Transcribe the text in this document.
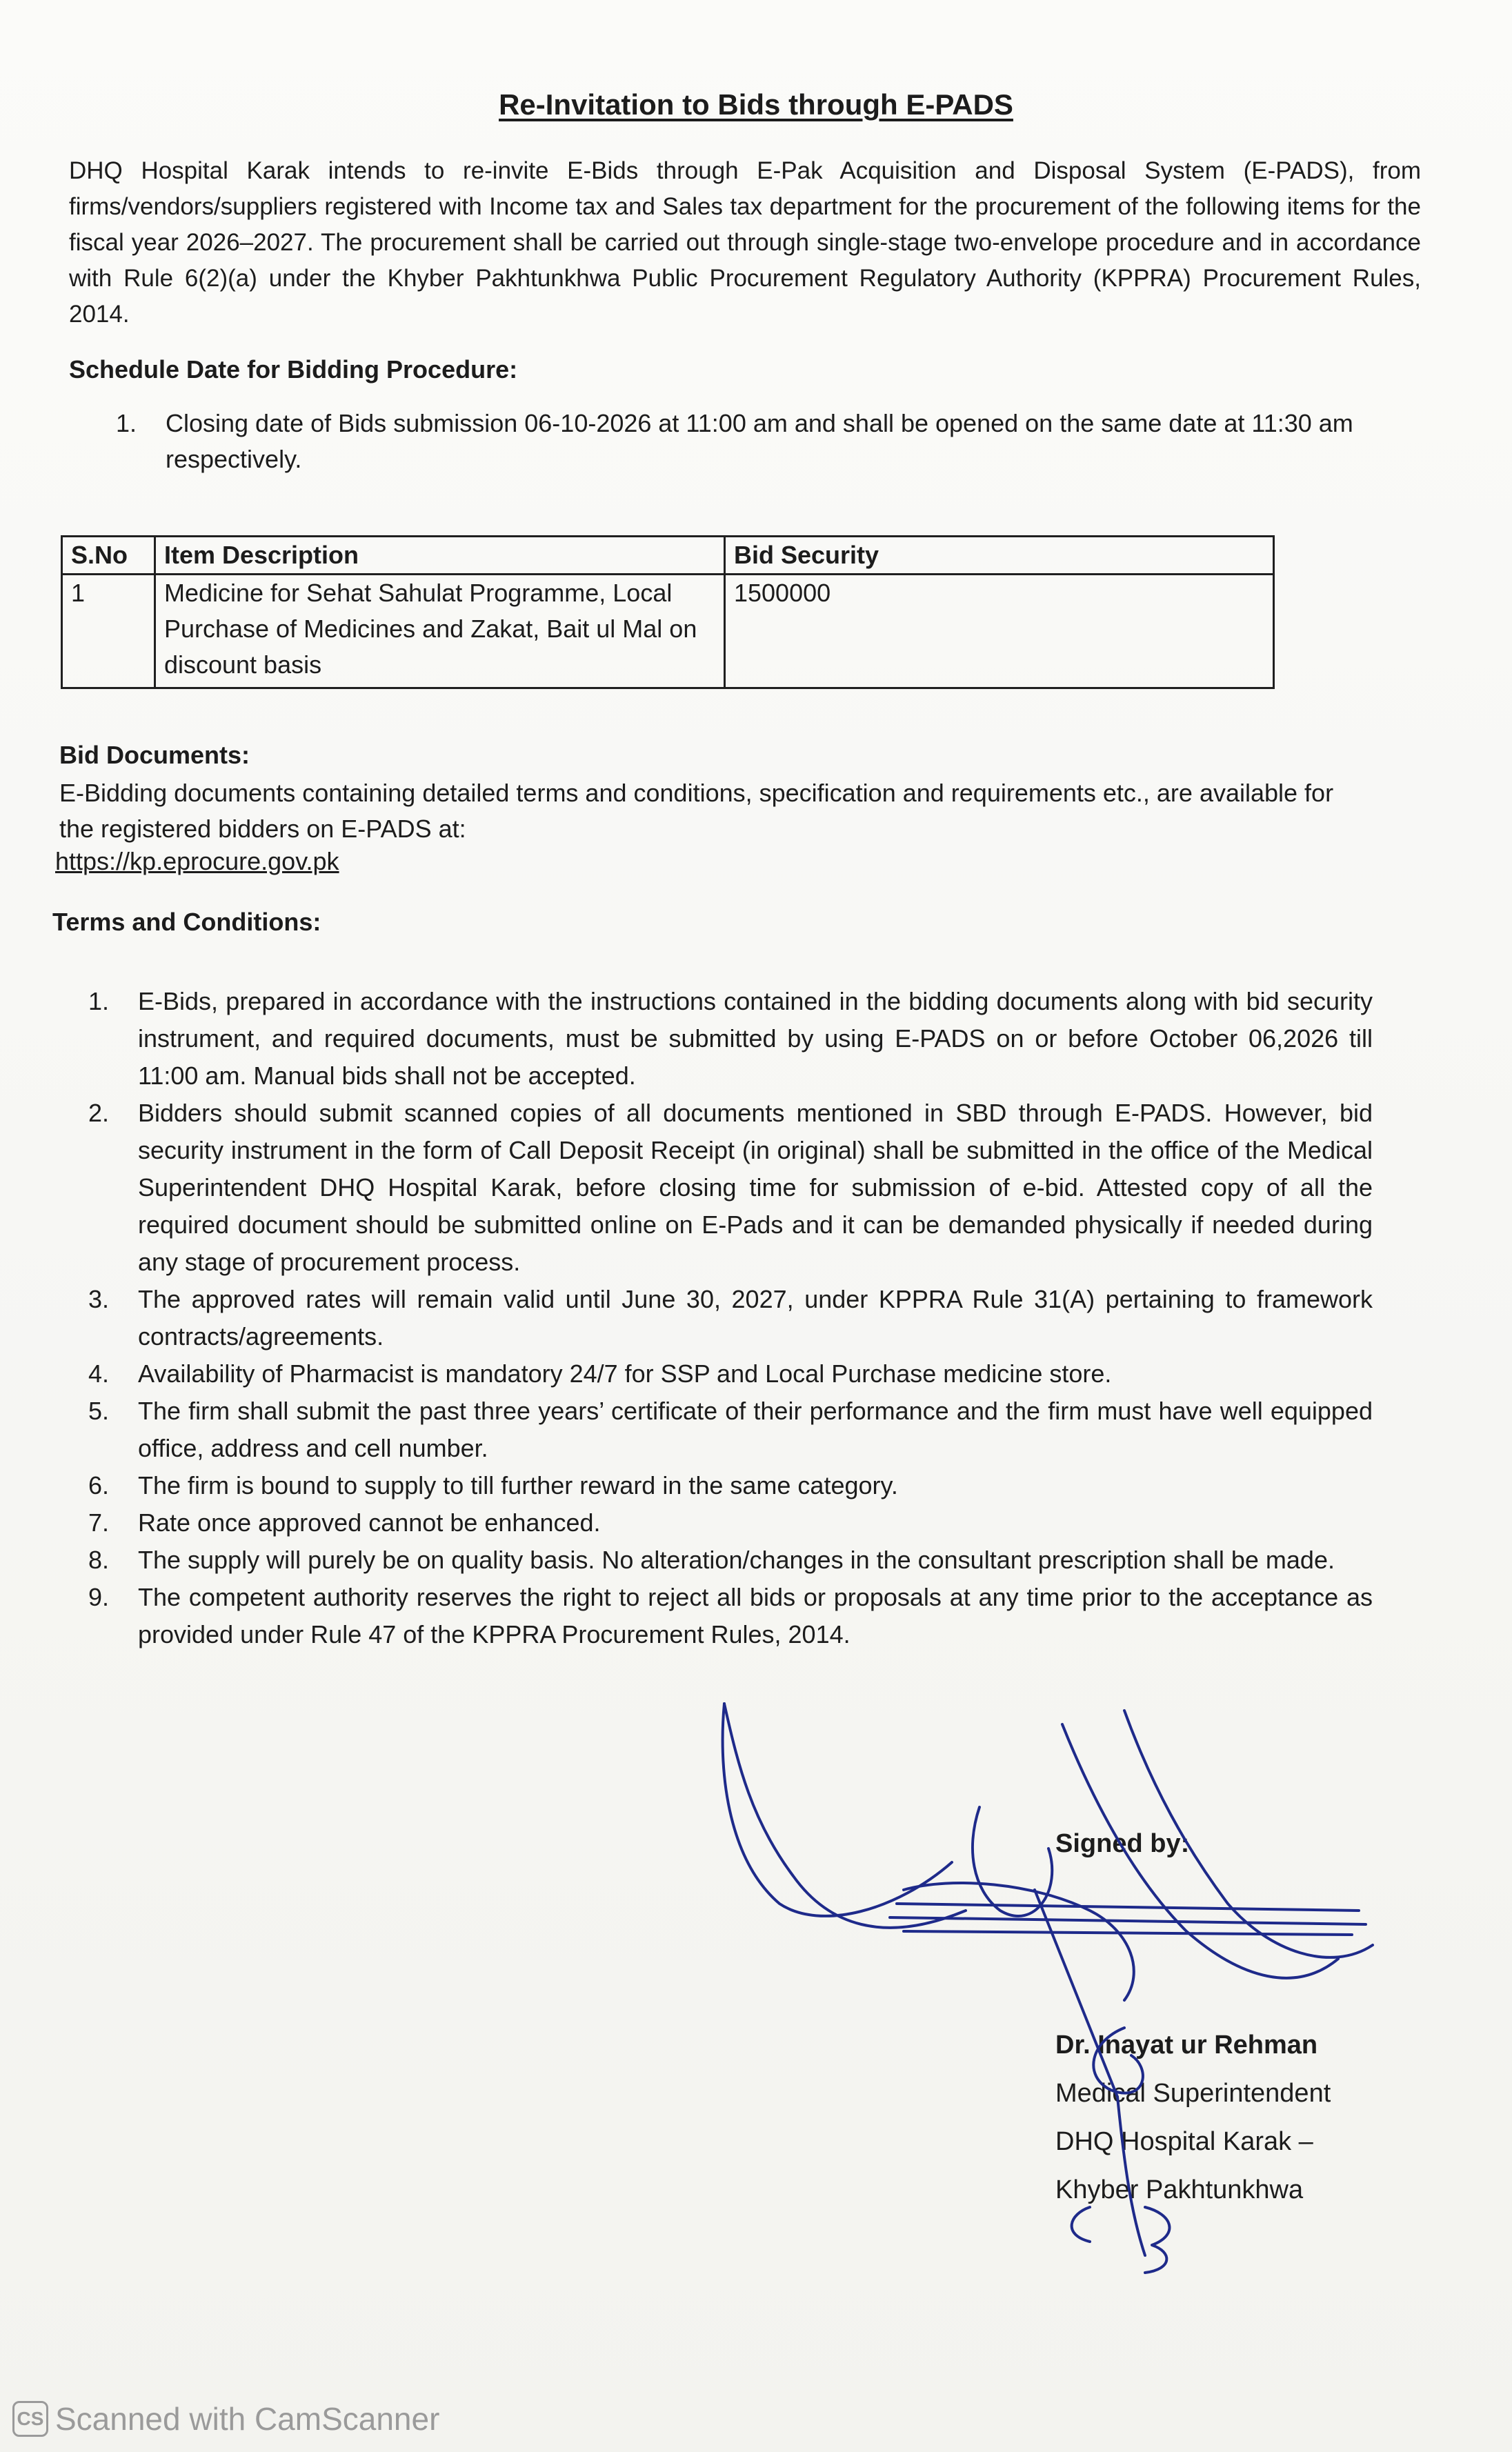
Re-Invitation to Bids through E-PADS
DHQ Hospital Karak intends to re-invite E-Bids through E-Pak Acquisition and Disposal System (E-PADS), from firms/vendors/suppliers registered with Income tax and Sales tax department for the procurement of the following items for the fiscal year 2026–2027. The procurement shall be carried out through single-stage two-envelope procedure and in accordance with Rule 6(2)(a) under the Khyber Pakhtunkhwa Public Procurement Regulatory Authority (KPPRA) Procurement Rules, 2014.
Schedule Date for Bidding Procedure:
1. Closing date of Bids submission 06-10-2026 at 11:00 am and shall be opened on the same date at 11:30 am respectively.
S.No	Item Description	Bid Security
1	Medicine for Sehat Sahulat Programme, Local Purchase of Medicines and Zakat, Bait ul Mal on discount basis	1500000
Bid Documents:
E-Bidding documents containing detailed terms and conditions, specification and requirements etc., are available for the registered bidders on E-PADS at:
https://kp.eprocure.gov.pk
Terms and Conditions:
1. E-Bids, prepared in accordance with the instructions contained in the bidding documents along with bid security instrument, and required documents, must be submitted by using E-PADS on or before October 06,2026 till 11:00 am. Manual bids shall not be accepted.
2. Bidders should submit scanned copies of all documents mentioned in SBD through E-PADS. However, bid security instrument in the form of Call Deposit Receipt (in original) shall be submitted in the office of the Medical Superintendent DHQ Hospital Karak, before closing time for submission of e-bid. Attested copy of all the required document should be submitted online on E-Pads and it can be demanded physically if needed during any stage of procurement process.
3. The approved rates will remain valid until June 30, 2027, under KPPRA Rule 31(A) pertaining to framework contracts/agreements.
4. Availability of Pharmacist is mandatory 24/7 for SSP and Local Purchase medicine store.
5. The firm shall submit the past three years’ certificate of their performance and the firm must have well equipped office, address and cell number.
6. The firm is bound to supply to till further reward in the same category.
7. Rate once approved cannot be enhanced.
8. The supply will purely be on quality basis. No alteration/changes in the consultant prescription shall be made.
9. The competent authority reserves the right to reject all bids or proposals at any time prior to the acceptance as provided under Rule 47 of the KPPRA Procurement Rules, 2014.
Signed by:
Dr. Inayat ur Rehman
Medical Superintendent
DHQ Hospital Karak –
Khyber Pakhtunkhwa
CS Scanned with CamScanner
